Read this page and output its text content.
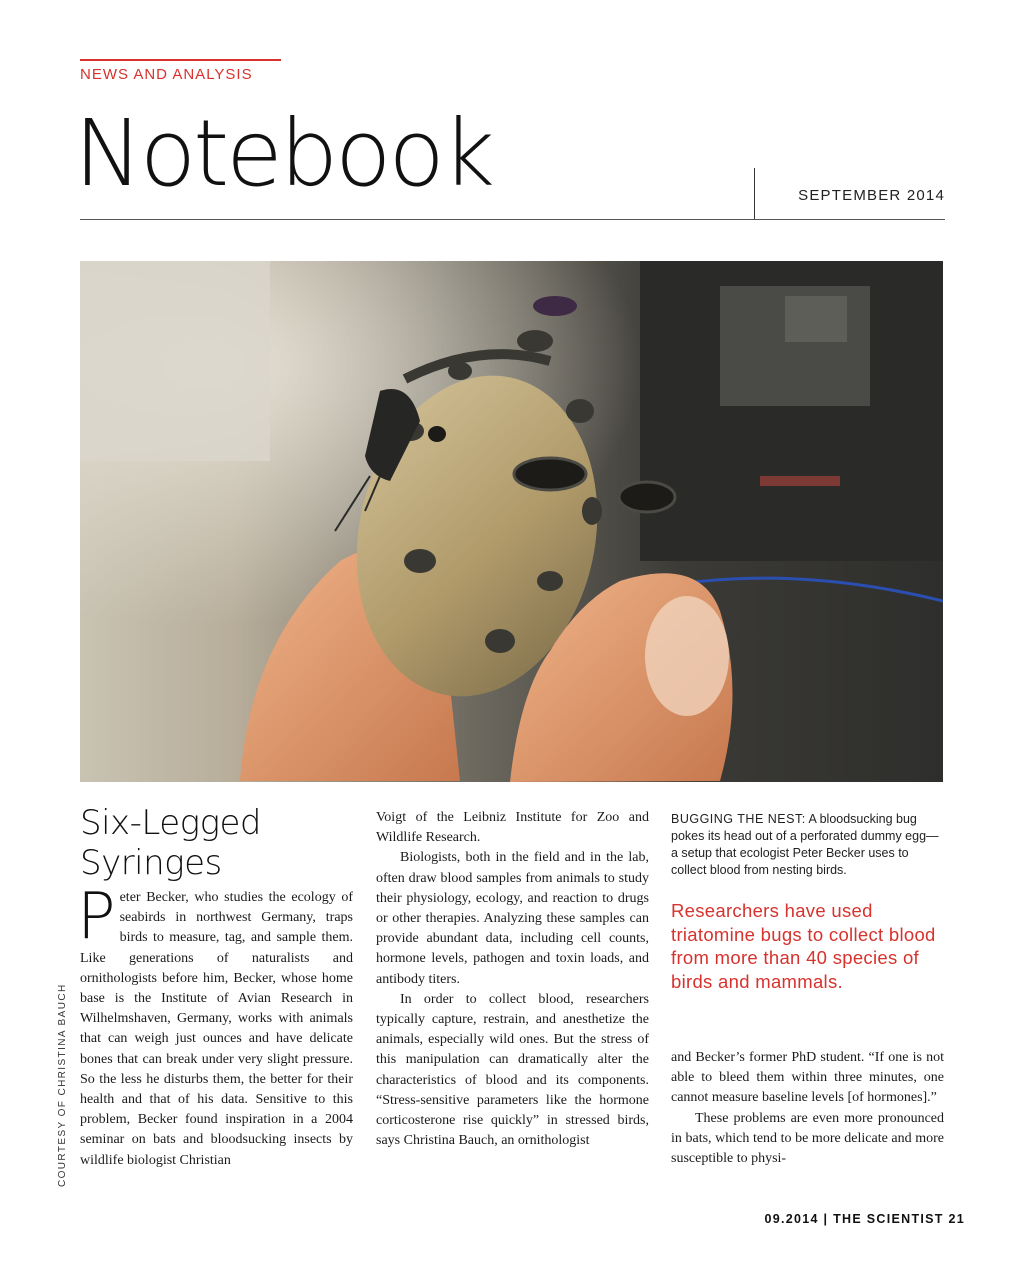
NEWS AND ANALYSIS
Notebook	SEPTEMBER 2014
COURTESY OF CHRISTINA BAUCH
Six-Legged Syringes

Peter Becker, who studies the ecology of seabirds in northwest Germany, traps birds to measure, tag, and sample them. Like generations of naturalists and ornithologists before him, Becker, whose home base is the Institute of Avian Research in Wilhelmshaven, Germany, works with animals that can weigh just ounces and have delicate bones that can break under very slight pressure. So the less he disturbs them, the better for their health and that of his data. Sensitive to this problem, Becker found inspiration in a 2004 seminar on bats and bloodsucking insects by wildlife biologist Christian

Voigt of the Leibniz Institute for Zoo and Wildlife Research.

Biologists, both in the field and in the lab, often draw blood samples from animals to study their physiology, ecology, and reaction to drugs or other therapies. Analyzing these samples can provide abundant data, including cell counts, hormone levels, pathogen and toxin loads, and antibody titers.

In order to collect blood, researchers typically capture, restrain, and anesthetize the animals, especially wild ones. But the stress of this manipulation can dramatically alter the characteristics of blood and its components. “Stress-sensitive parameters like the hormone corticosterone rise quickly” in stressed birds, says Christina Bauch, an ornithologist

BUGGING THE NEST: A bloodsucking bug pokes its head out of a perforated dummy egg—a setup that ecologist Peter Becker uses to collect blood from nesting birds.
Researchers have used triatomine bugs to collect blood from more than 40 species of birds and mammals.

and Becker’s former PhD student. “If one is not able to bleed them within three minutes, one cannot measure baseline levels [of hormones].”

These problems are even more pronounced in bats, which tend to be more delicate and more susceptible to physi-

09.2014 | THE SCIENTIST 21
